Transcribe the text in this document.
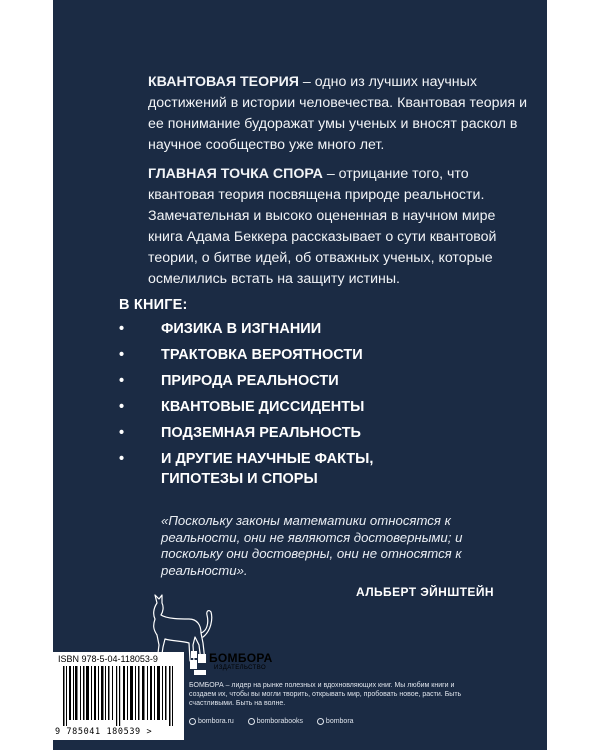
КВАНТОВАЯ ТЕОРИЯ – одно из лучших научных достижений в истории человечества. Квантовая теория и ее понимание будоражат умы ученых и вносят раскол в научное сообщество уже много лет.

ГЛАВНАЯ ТОЧКА СПОРА – отрицание того, что квантовая теория посвящена природе реальности. Замечательная и высоко оцененная в научном мире книга Адама Беккера рассказывает о сути квантовой теории, о битве идей, об отважных ученых, которые осмелились встать на защиту истины.

В КНИГЕ:
•	ФИЗИКА В ИЗГНАНИИ
•	ТРАКТОВКА ВЕРОЯТНОСТИ
•	ПРИРОДА РЕАЛЬНОСТИ
•	КВАНТОВЫЕ ДИССИДЕНТЫ
•	ПОДЗЕМНАЯ РЕАЛЬНОСТЬ
•	И ДРУГИЕ НАУЧНЫЕ ФАКТЫ, ГИПОТЕЗЫ И СПОРЫ
«Поскольку законы математики относятся к реальности, они не являются достоверными; и поскольку они достоверны, они не относятся к реальности».
АЛЬБЕРТ ЭЙНШТЕЙН
ISBN 978-5-04-118053-9
9 785041 180539 >
БОМБОРА
ИЗДАТЕЛЬСТВО
БОМБОРА – лидер на рынке полезных и вдохновляющих книг. Мы любим книги и создаем их, чтобы вы могли творить, открывать мир, пробовать новое, расти. Быть счастливыми. Быть на волне.
bombora.ru	bomborabooks	bombora
